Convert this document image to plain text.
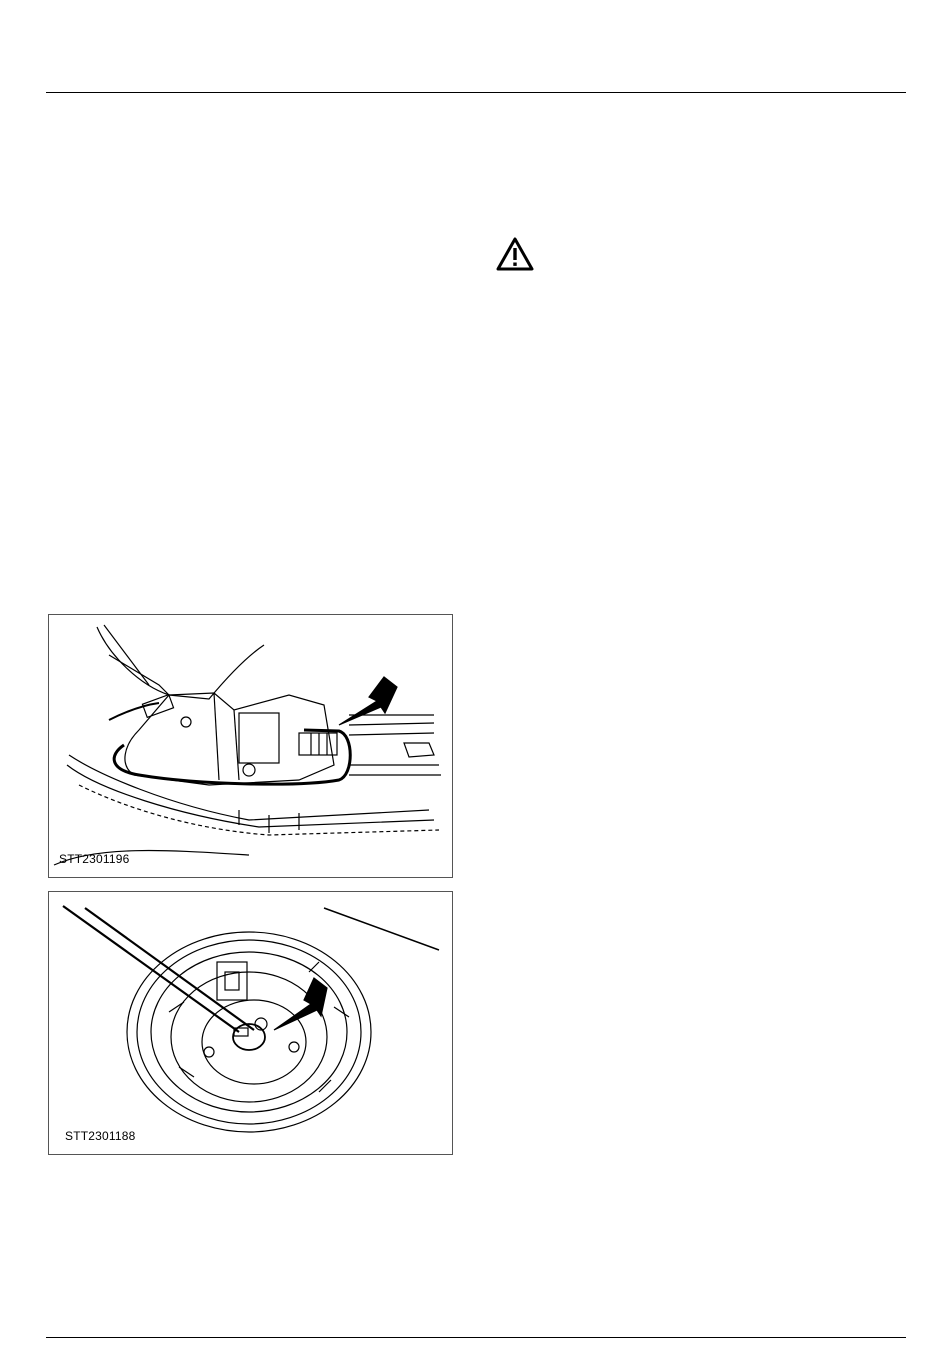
STT2301196
STT2301188
